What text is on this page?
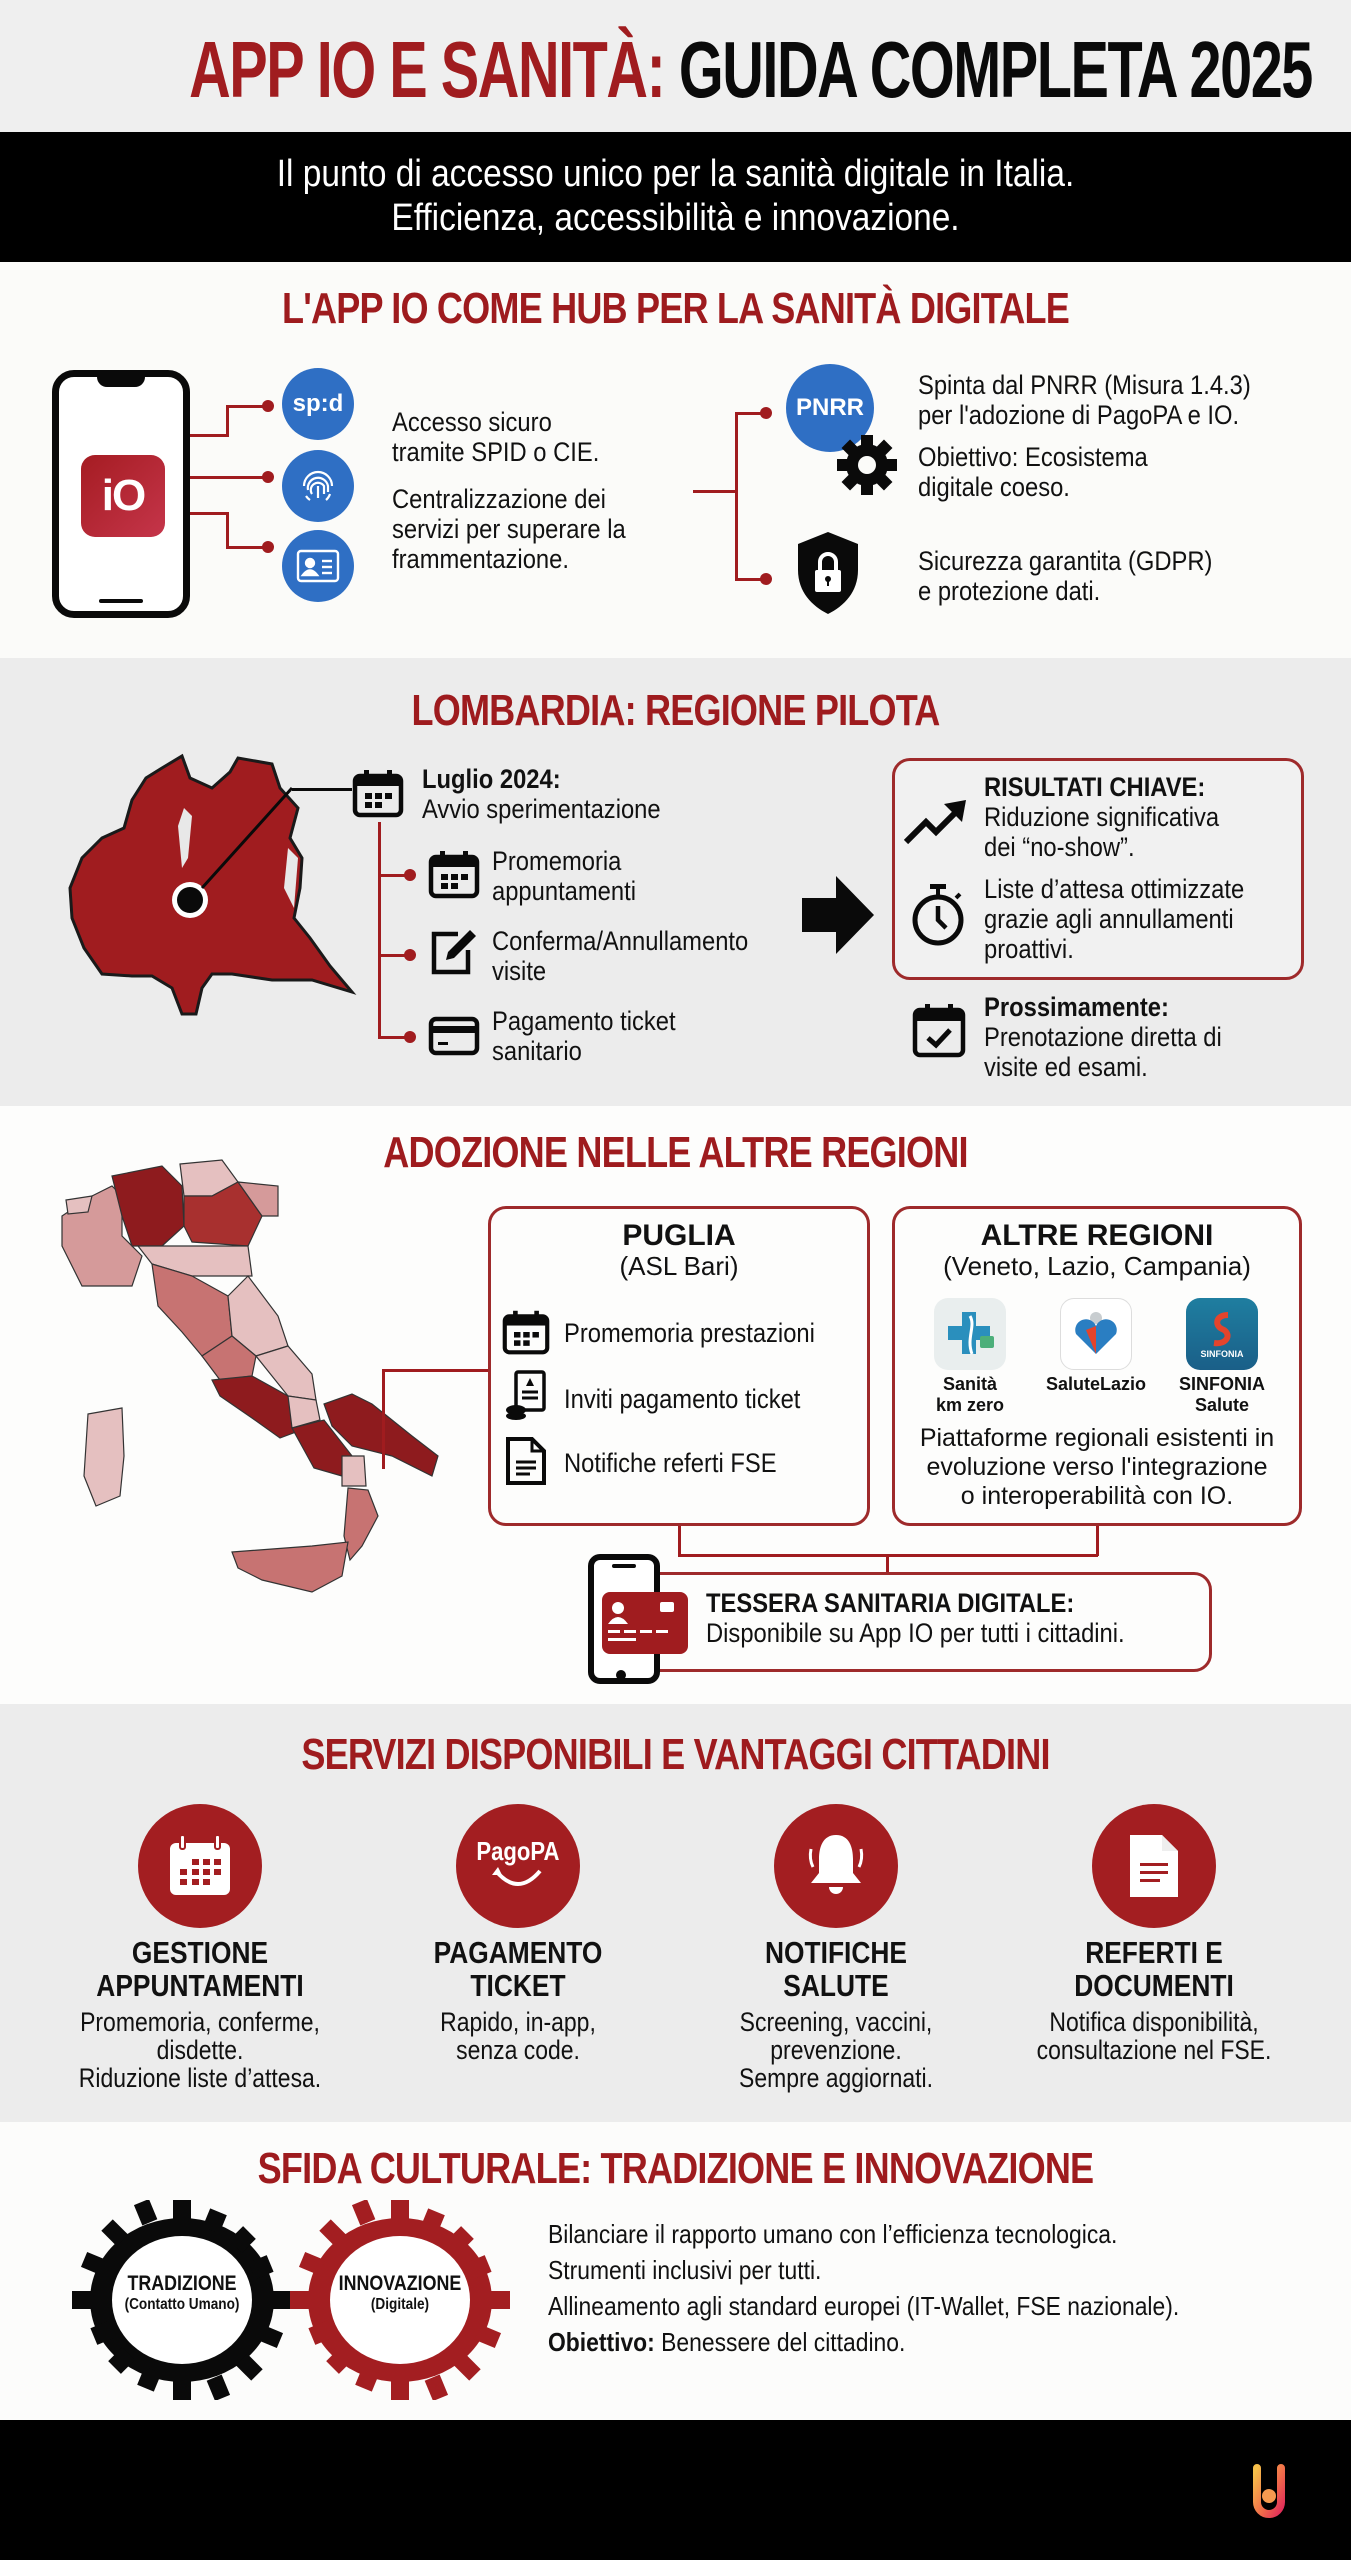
APP IO E SANITÀ: GUIDA COMPLETA 2025
Il punto di accesso unico per la sanità digitale in Italia.
Efficienza, accessibilità e innovazione.
L'APP IO COME HUB PER LA SANITÀ DIGITALE
iO
sp:d
Accesso sicuro
tramite SPID o CIE.
Centralizzazione dei
servizi per superare la
frammentazione.
PNRR
Spinta dal PNRR (Misura 1.4.3)
per l'adozione di PagoPA e IO.
Obiettivo: Ecosistema
digitale coeso.
Sicurezza garantita (GDPR)
e protezione dati.
LOMBARDIA: REGIONE PILOTA
Luglio 2024:
Avvio sperimentazione
Promemoria
appuntamenti
Conferma/Annullamento
visite
Pagamento ticket
sanitario
RISULTATI CHIAVE:
Riduzione significativa
dei “no-show”.
Liste d’attesa ottimizzate
grazie agli annullamenti
proattivi.
Prossimamente:
Prenotazione diretta di
visite ed esami.
ADOZIONE NELLE ALTRE REGIONI
PUGLIA
(ASL Bari)
Promemoria prestazioni
Inviti pagamento ticket
Notifiche referti FSE
ALTRE REGIONI
(Veneto, Lazio, Campania)
SINFONIA
Sanità
km zero
SaluteLazio	SINFONIA
Salute
Piattaforme regionali esistenti in
evoluzione verso l'integrazione
o interoperabilità con IO.
TESSERA SANITARIA DIGITALE:
Disponibile su App IO per tutti i cittadini.
SERVIZI DISPONIBILI E VANTAGGI CITTADINI
PagoPA
GESTIONE
APPUNTAMENTI
PAGAMENTO
TICKET
NOTIFICHE
SALUTE
REFERTI E
DOCUMENTI
Promemoria, conferme,
disdette.
Riduzione liste d’attesa.
Rapido, in-app,
senza code.
Screening, vaccini,
prevenzione.
Sempre aggiornati.
Notifica disponibilità,
consultazione nel FSE.
SFIDA CULTURALE: TRADIZIONE E INNOVAZIONE
TRADIZIONE
(Contatto Umano)
INNOVAZIONE
(Digitale)
Bilanciare il rapporto umano con l’efficienza tecnologica.
Strumenti inclusivi per tutti.
Allineamento agli standard europei (IT-Wallet, FSE nazionale).
Obiettivo: Benessere del cittadino.
